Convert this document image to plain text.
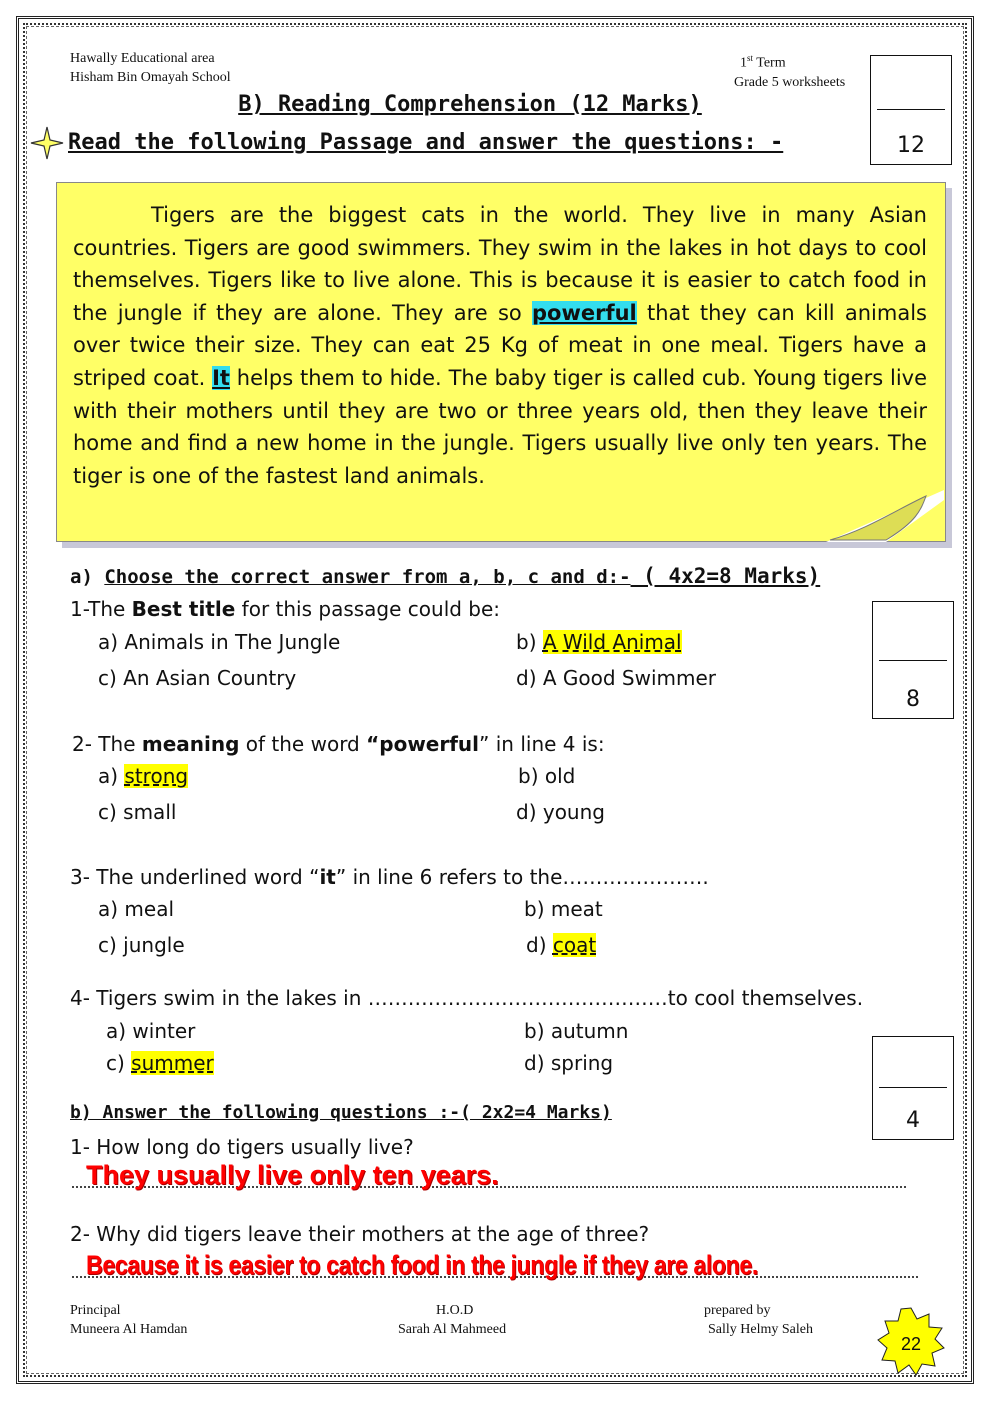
Hawally Educational area
Hisham Bin Omayah School
1st Term
Grade 5 worksheets
12
B) Reading Comprehension (12 Marks)
Read the following Passage and answer the questions: -

Tigers are the biggest cats in the world. They live in many Asian countries. Tigers are good swimmers. They swim in the lakes in hot days to cool themselves. Tigers like to live alone. This is because it is easier to catch food in the jungle if they are alone. They are so powerful that they can kill animals over twice their size. They can eat 25 Kg of meat in one meal. Tigers have a striped coat. It helps them to hide. The baby tiger is called cub. Young tigers live with their mothers until they are two or three years old, then they leave their home and find a new home in the jungle. Tigers usually live only ten years. The tiger is one of the fastest land animals.

a) Choose the correct answer from a, b, c and d:- ( 4x2=8 Marks)
8
1-The Best title for this passage could be:
a) Animals in The Jungle	b) A Wild Animal
c) An Asian Country	d) A Good Swimmer
2- The meaning of the word “powerful” in line 4 is:
a) strong	b) old
c) small	d) young
3- The underlined word “it” in line 6 refers to the………………….
a) meal	b) meat
c) jungle	d) coat
4- Tigers swim in the lakes in ………………………………………to cool themselves.
a) winter	b) autumn
c) summer	d) spring
4
b) Answer the following questions :-( 2x2=4 Marks)
1- How long do tigers usually live?
They usually live only ten years.
2- Why did tigers leave their mothers at the age of three?
Because it is easier to catch food in the jungle if they are alone.
Principal
Muneera Al Hamdan
H.O.D
Sarah Al Mahmeed
prepared by
Sally Helmy Saleh
22
